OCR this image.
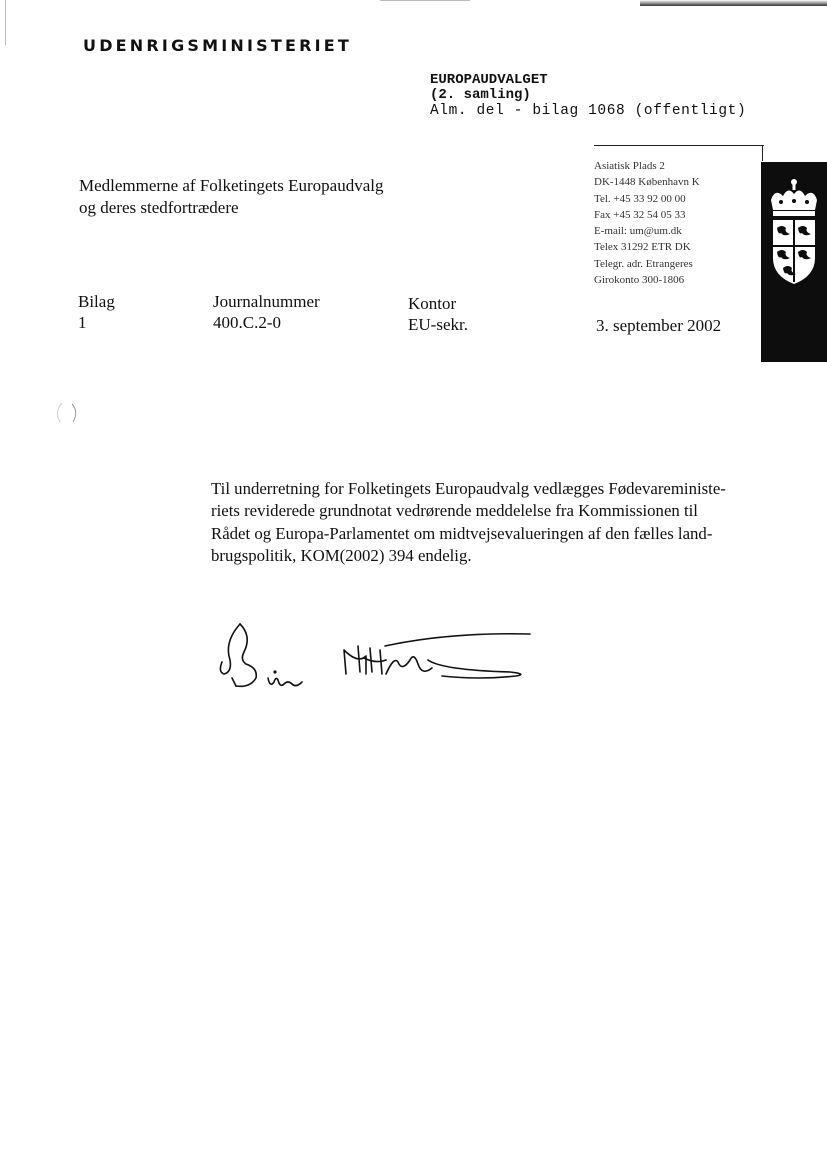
UDENRIGSMINISTERIET
EUROPAUDVALGET
(2. samling)
Alm. del - bilag 1068 (offentligt)
Medlemmerne af Folketingets Europaudvalg
og deres stedfortrædere
Asiatisk Plads 2
DK-1448 København K
Tel. +45 33 92 00 00
Fax +45 32 54 05 33
E-mail: um@um.dk
Telex 31292 ETR DK
Telegr. adr. Etrangeres
Girokonto 300-1806
Bilag
1
Journalnummer
400.C.2-0
Kontor
EU-sekr.	3. september 2002
Til underretning for Folketingets Europaudvalg vedlægges Fødevareministe-
riets reviderede grundnotat vedrørende meddelelse fra Kommissionen til
Rådet og Europa-Parlamentet om midtvejsevalueringen af den fælles land-
brugspolitik, KOM(2002) 394 endelig.
